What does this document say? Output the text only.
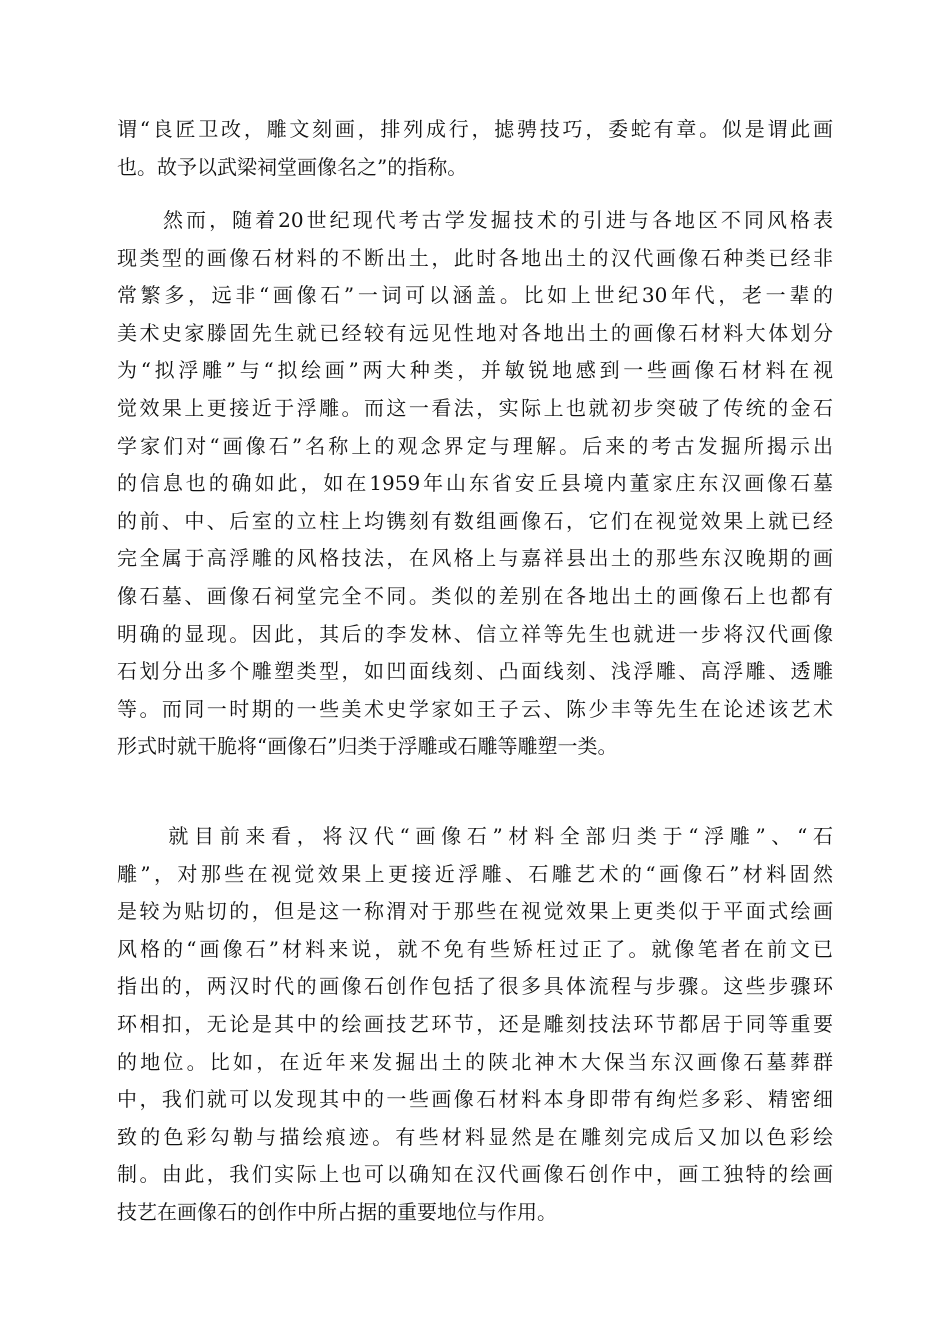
谓“良匠卫改，雕文刻画，排列成行，摅骋技巧，委蛇有章。似是谓此画
也。故予以武梁祠堂画像名之”的指称。
　　然而，随着20世纪现代考古学发掘技术的引进与各地区不同风格表
现类型的画像石材料的不断出土，此时各地出土的汉代画像石种类已经非
常繁多，远非“画像石”一词可以涵盖。比如上世纪30年代，老一辈的
美术史家滕固先生就已经较有远见性地对各地出土的画像石材料大体划分
为“拟浮雕”与“拟绘画”两大种类，并敏锐地感到一些画像石材料在视
觉效果上更接近于浮雕。而这一看法，实际上也就初步突破了传统的金石
学家们对“画像石”名称上的观念界定与理解。后来的考古发掘所揭示出
的信息也的确如此，如在1959年山东省安丘县境内董家庄东汉画像石墓
的前、中、后室的立柱上均镌刻有数组画像石，它们在视觉效果上就已经
完全属于高浮雕的风格技法，在风格上与嘉祥县出土的那些东汉晚期的画
像石墓、画像石祠堂完全不同。类似的差别在各地出土的画像石上也都有
明确的显现。因此，其后的李发林、信立祥等先生也就进一步将汉代画像
石划分出多个雕塑类型，如凹面线刻、凸面线刻、浅浮雕、高浮雕、透雕
等。而同一时期的一些美术史学家如王子云、陈少丰等先生在论述该艺术
形式时就干脆将“画像石”归类于浮雕或石雕等雕塑一类。
　　就目前来看，将汉代“画像石”材料全部归类于“浮雕”、“石
雕”，对那些在视觉效果上更接近浮雕、石雕艺术的“画像石”材料固然
是较为贴切的，但是这一称渭对于那些在视觉效果上更类似于平面式绘画
风格的“画像石”材料来说，就不免有些矫枉过正了。就像笔者在前文已
指出的，两汉时代的画像石创作包括了很多具体流程与步骤。这些步骤环
环相扣，无论是其中的绘画技艺环节，还是雕刻技法环节都居于同等重要
的地位。比如，在近年来发掘出土的陕北神木大保当东汉画像石墓葬群
中，我们就可以发现其中的一些画像石材料本身即带有绚烂多彩、精密细
致的色彩勾勒与描绘痕迹。有些材料显然是在雕刻完成后又加以色彩绘
制。由此，我们实际上也可以确知在汉代画像石创作中，画工独特的绘画
技艺在画像石的创作中所占据的重要地位与作用。
